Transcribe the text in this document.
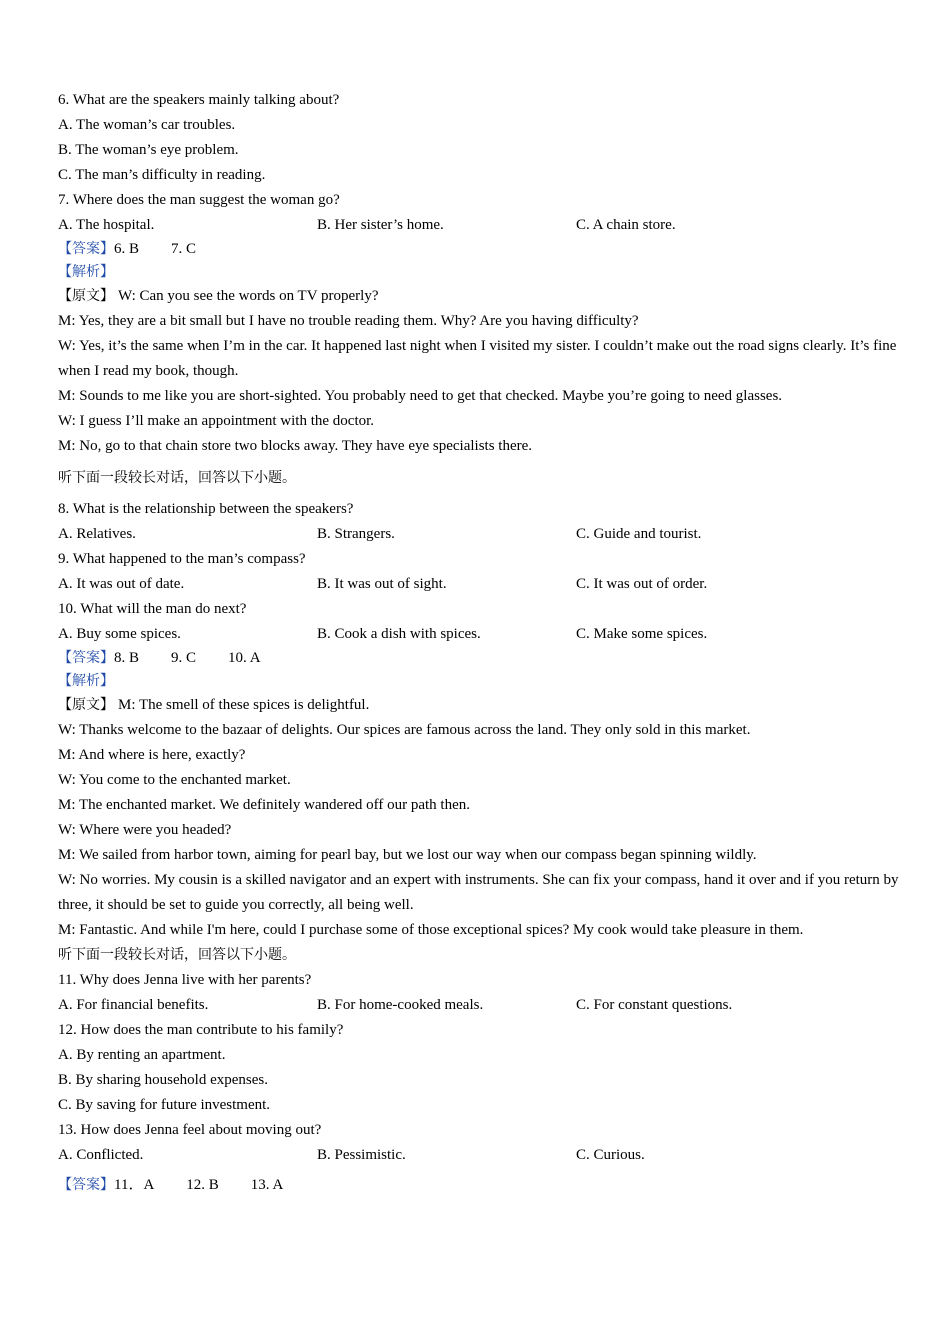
6. What are the speakers mainly talking about?
A. The woman’s car troubles.
B. The woman’s eye problem.
C. The man’s difficulty in reading.
7. Where does the man suggest the woman go?
A. The hospital.	B. Her sister’s home.	C. A chain store.
【答案】6. B 7. C
【解析】
【原文】 W: Can you see the words on TV properly?
M: Yes, they are a bit small but I have no trouble reading them. Why? Are you having difficulty?
W: Yes, it’s the same when I’m in the car. It happened last night when I visited my sister. I couldn’t make out the road signs clearly. It’s fine when I read my book, though.
M: Sounds to me like you are short-sighted. You probably need to get that checked. Maybe you’re going to need glasses.
W: I guess I’ll make an appointment with the doctor.
M: No, go to that chain store two blocks away. They have eye specialists there.
听下面一段较长对话，回答以下小题。
8. What is the relationship between the speakers?
A. Relatives.	B. Strangers.	C. Guide and tourist.
9. What happened to the man’s compass?
A. It was out of date.	B. It was out of sight.	C. It was out of order.
10. What will the man do next?
A. Buy some spices.	B. Cook a dish with spices.	C. Make some spices.
【答案】8. B 9. C 10. A
【解析】
【原文】 M: The smell of these spices is delightful.
W: Thanks welcome to the bazaar of delights. Our spices are famous across the land. They only sold in this market.
M: And where is here, exactly?
W: You come to the enchanted market.
M: The enchanted market. We definitely wandered off our path then.
W: Where were you headed?
M: We sailed from harbor town, aiming for pearl bay, but we lost our way when our compass began spinning wildly.
W: No worries. My cousin is a skilled navigator and an expert with instruments. She can fix your compass, hand it over and if you return by three, it should be set to guide you correctly, all being well.
M: Fantastic. And while I'm here, could I purchase some of those exceptional spices? My cook would take pleasure in them.
听下面一段较长对话，回答以下小题。
11. Why does Jenna live with her parents?
A. For financial benefits.	B. For home-cooked meals.	C. For constant questions.
12. How does the man contribute to his family?
A. By renting an apartment.
B. By sharing household expenses.
C. By saving for future investment.
13. How does Jenna feel about moving out?
A. Conflicted.	B. Pessimistic.	C. Curious.
【答案】11．A 12. B 13. A
